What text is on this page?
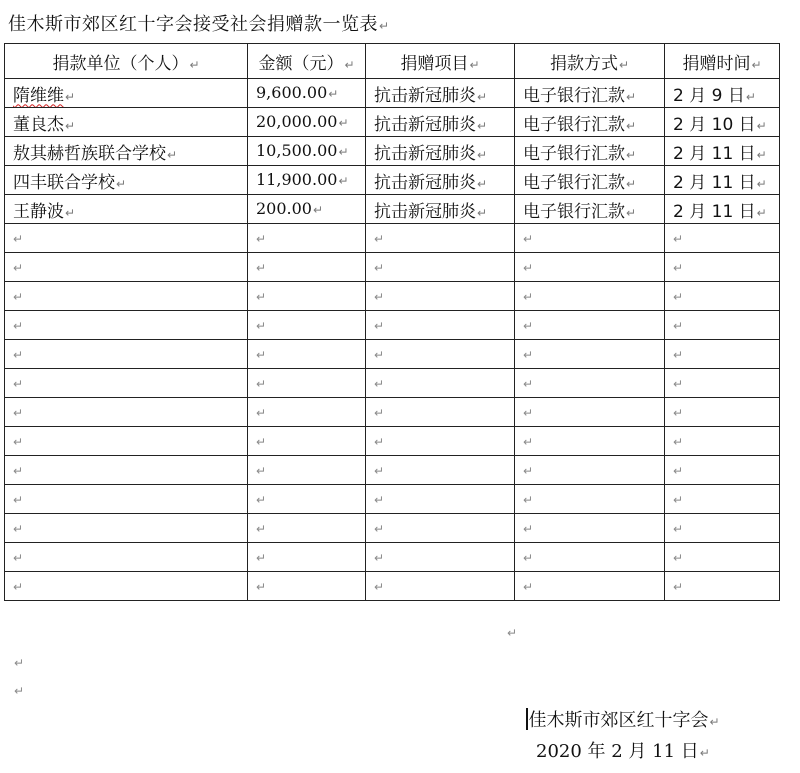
佳木斯市郊区红十字会接受社会捐赠款一览表↵
捐款单位（个人）↵	金额（元）↵	捐赠项目↵	捐款方式↵	捐赠时间↵
隋维维↵	9,600.00↵	抗击新冠肺炎↵	电子银行汇款↵	2 月 9 日↵
董良杰↵	20,000.00↵	抗击新冠肺炎↵	电子银行汇款↵	2 月 10 日↵
敖其赫哲族联合学校↵	10,500.00↵	抗击新冠肺炎↵	电子银行汇款↵	2 月 11 日↵
四丰联合学校↵	11,900.00↵	抗击新冠肺炎↵	电子银行汇款↵	2 月 11 日↵
王静波↵	200.00↵	抗击新冠肺炎↵	电子银行汇款↵	2 月 11 日↵
↵	↵	↵	↵	↵
↵	↵	↵	↵	↵
↵	↵	↵	↵	↵
↵	↵	↵	↵	↵
↵	↵	↵	↵	↵
↵	↵	↵	↵	↵
↵	↵	↵	↵	↵
↵	↵	↵	↵	↵
↵	↵	↵	↵	↵
↵	↵	↵	↵	↵
↵	↵	↵	↵	↵
↵	↵	↵	↵	↵
↵	↵	↵	↵	↵
↵
↵
↵
佳木斯市郊区红十字会↵
2020 年 2 月 11 日↵
